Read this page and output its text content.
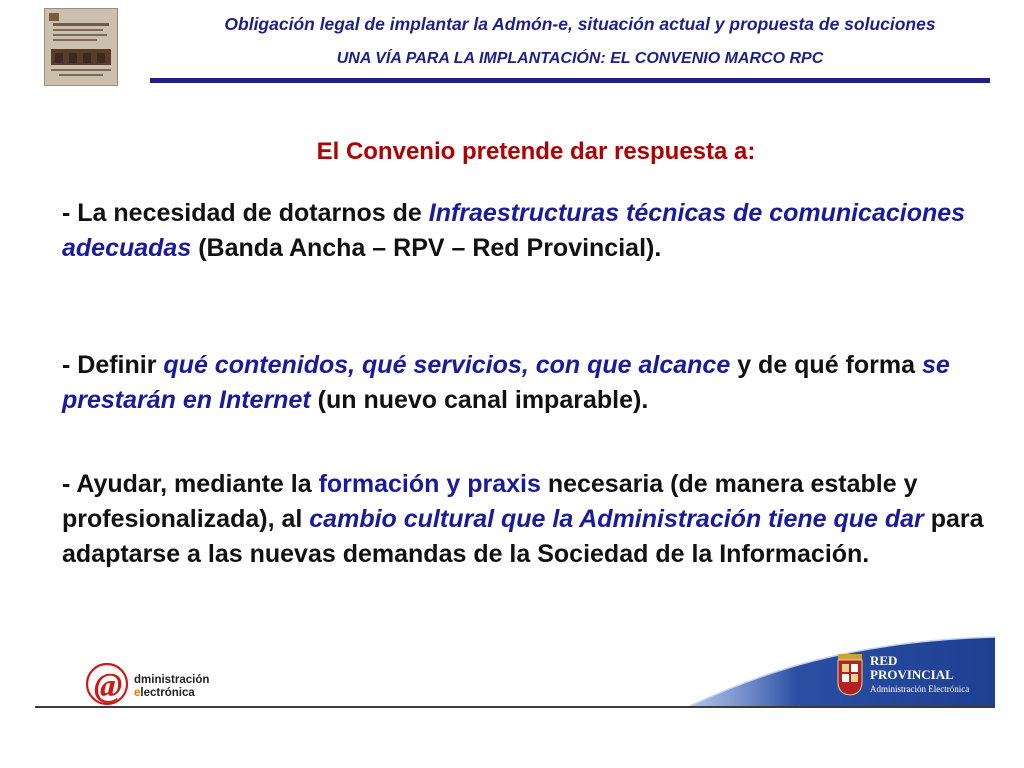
Obligación legal de implantar la Admón-e, situación actual y propuesta de soluciones
UNA VÍA PARA LA IMPLANTACIÓN: EL CONVENIO MARCO RPC
El Convenio pretende dar respuesta a:
- La necesidad de dotarnos de Infraestructuras técnicas de comunicaciones adecuadas (Banda Ancha – RPV – Red Provincial).
- Definir qué contenidos, qué servicios, con que alcance y de qué forma se prestarán en Internet (un nuevo canal imparable).
- Ayudar, mediante la formación y praxis necesaria (de manera estable y profesionalizada), al cambio cultural que la Administración tiene que dar para adaptarse a las nuevas demandas de la Sociedad de la Información.
RED
PROVINCIAL
Administración Electrónica
@ dministración
electrónica
